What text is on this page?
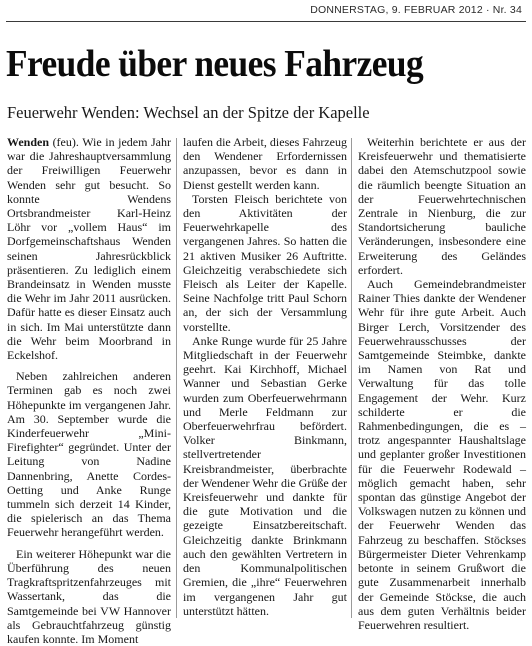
DONNERSTAG, 9. FEBRUAR 2012 · Nr. 34
Freude über neues Fahrzeug
Feuerwehr Wenden: Wechsel an der Spitze der Kapelle

Wenden (feu). Wie in jedem Jahr war die Jahreshauptversammlung der Freiwilligen Feuerwehr Wenden sehr gut besucht. So konnte Wendens Ortsbrandmeister Karl-Heinz Löhr vor „vollem Haus“ im Dorfgemeinschaftshaus Wenden seinen Jahresrückblick präsentieren. Zu lediglich einem Brandeinsatz in Wenden musste die Wehr im Jahr 2011 ausrücken. Dafür hatte es dieser Einsatz auch in sich. Im Mai unterstützte dann die Wehr beim Moorbrand in Eckelshof.

Neben zahlreichen anderen Terminen gab es noch zwei Höhepunkte im vergangenen Jahr. Am 30. September wurde die Kinderfeuerwehr „Mini-Firefighter“ gegründet. Unter der Leitung von Nadine Dannenbring, Anette Cordes-Oetting und Anke Runge tummeln sich derzeit 14 Kinder, die spielerisch an das Thema Feuerwehr herangeführt werden.

Ein weiterer Höhepunkt war die Überführung des neuen Tragkraftspritzenfahrzeuges mit Wassertank, das die Samtgemeinde bei VW Hannover als Gebrauchtfahrzeug günstig kaufen konnte. Im Moment

laufen die Arbeit, dieses Fahrzeug den Wendener Erfordernissen anzupassen, bevor es dann in Dienst gestellt werden kann.

Torsten Fleisch berichtete von den Aktivitäten der Feuerwehrkapelle des vergangenen Jahres. So hatten die 21 aktiven Musiker 26 Auftritte. Gleichzeitig verabschiedete sich Fleisch als Leiter der Kapelle. Seine Nachfolge tritt Paul Schorn an, der sich der Versammlung vorstellte.

Anke Runge wurde für 25 Jahre Mitgliedschaft in der Feuerwehr geehrt. Kai Kirchhoff, Michael Wanner und Sebastian Gerke wurden zum Oberfeuerwehrmann und Merle Feldmann zur Oberfeuerwehrfrau befördert. Volker Binkmann, stellvertretender Kreisbrandmeister, überbrachte der Wendener Wehr die Grüße der Kreisfeuerwehr und dankte für die gute Motivation und die gezeigte Einsatzbereitschaft. Gleichzeitig dankte Brinkmann auch den gewählten Vertretern in den Kommunalpolitischen Gremien, die „ihre“ Feuerwehren im vergangenen Jahr gut unterstützt hätten.

Weiterhin berichtete er aus der Kreisfeuerwehr und thematisierte dabei den Atemschutzpool sowie die räumlich beengte Situation an der Feuerwehrtechnischen Zentrale in Nienburg, die zur Standortsicherung bauliche Veränderungen, insbesondere eine Erweiterung des Geländes erfordert.

Auch Gemeindebrandmeister Rainer Thies dankte der Wendener Wehr für ihre gute Arbeit. Auch Birger Lerch, Vorsitzender des Feuerwehrausschusses der Samtgemeinde Steimbke, dankte im Namen von Rat und Verwaltung für das tolle Engagement der Wehr. Kurz schilderte er die Rahmenbedingungen, die es – trotz angespannter Haushaltslage und geplanter großer Investitionen für die Feuerwehr Rodewald – möglich gemacht haben, sehr spontan das günstige Angebot der Volkswagen nutzen zu können und der Feuerwehr Wenden das Fahrzeug zu beschaffen. Stöckses Bürgermeister Dieter Vehrenkamp betonte in seinem Grußwort die gute Zusammenarbeit innerhalb der Gemeinde Stöckse, die auch aus dem guten Verhältnis beider Feuerwehren resultiert.
